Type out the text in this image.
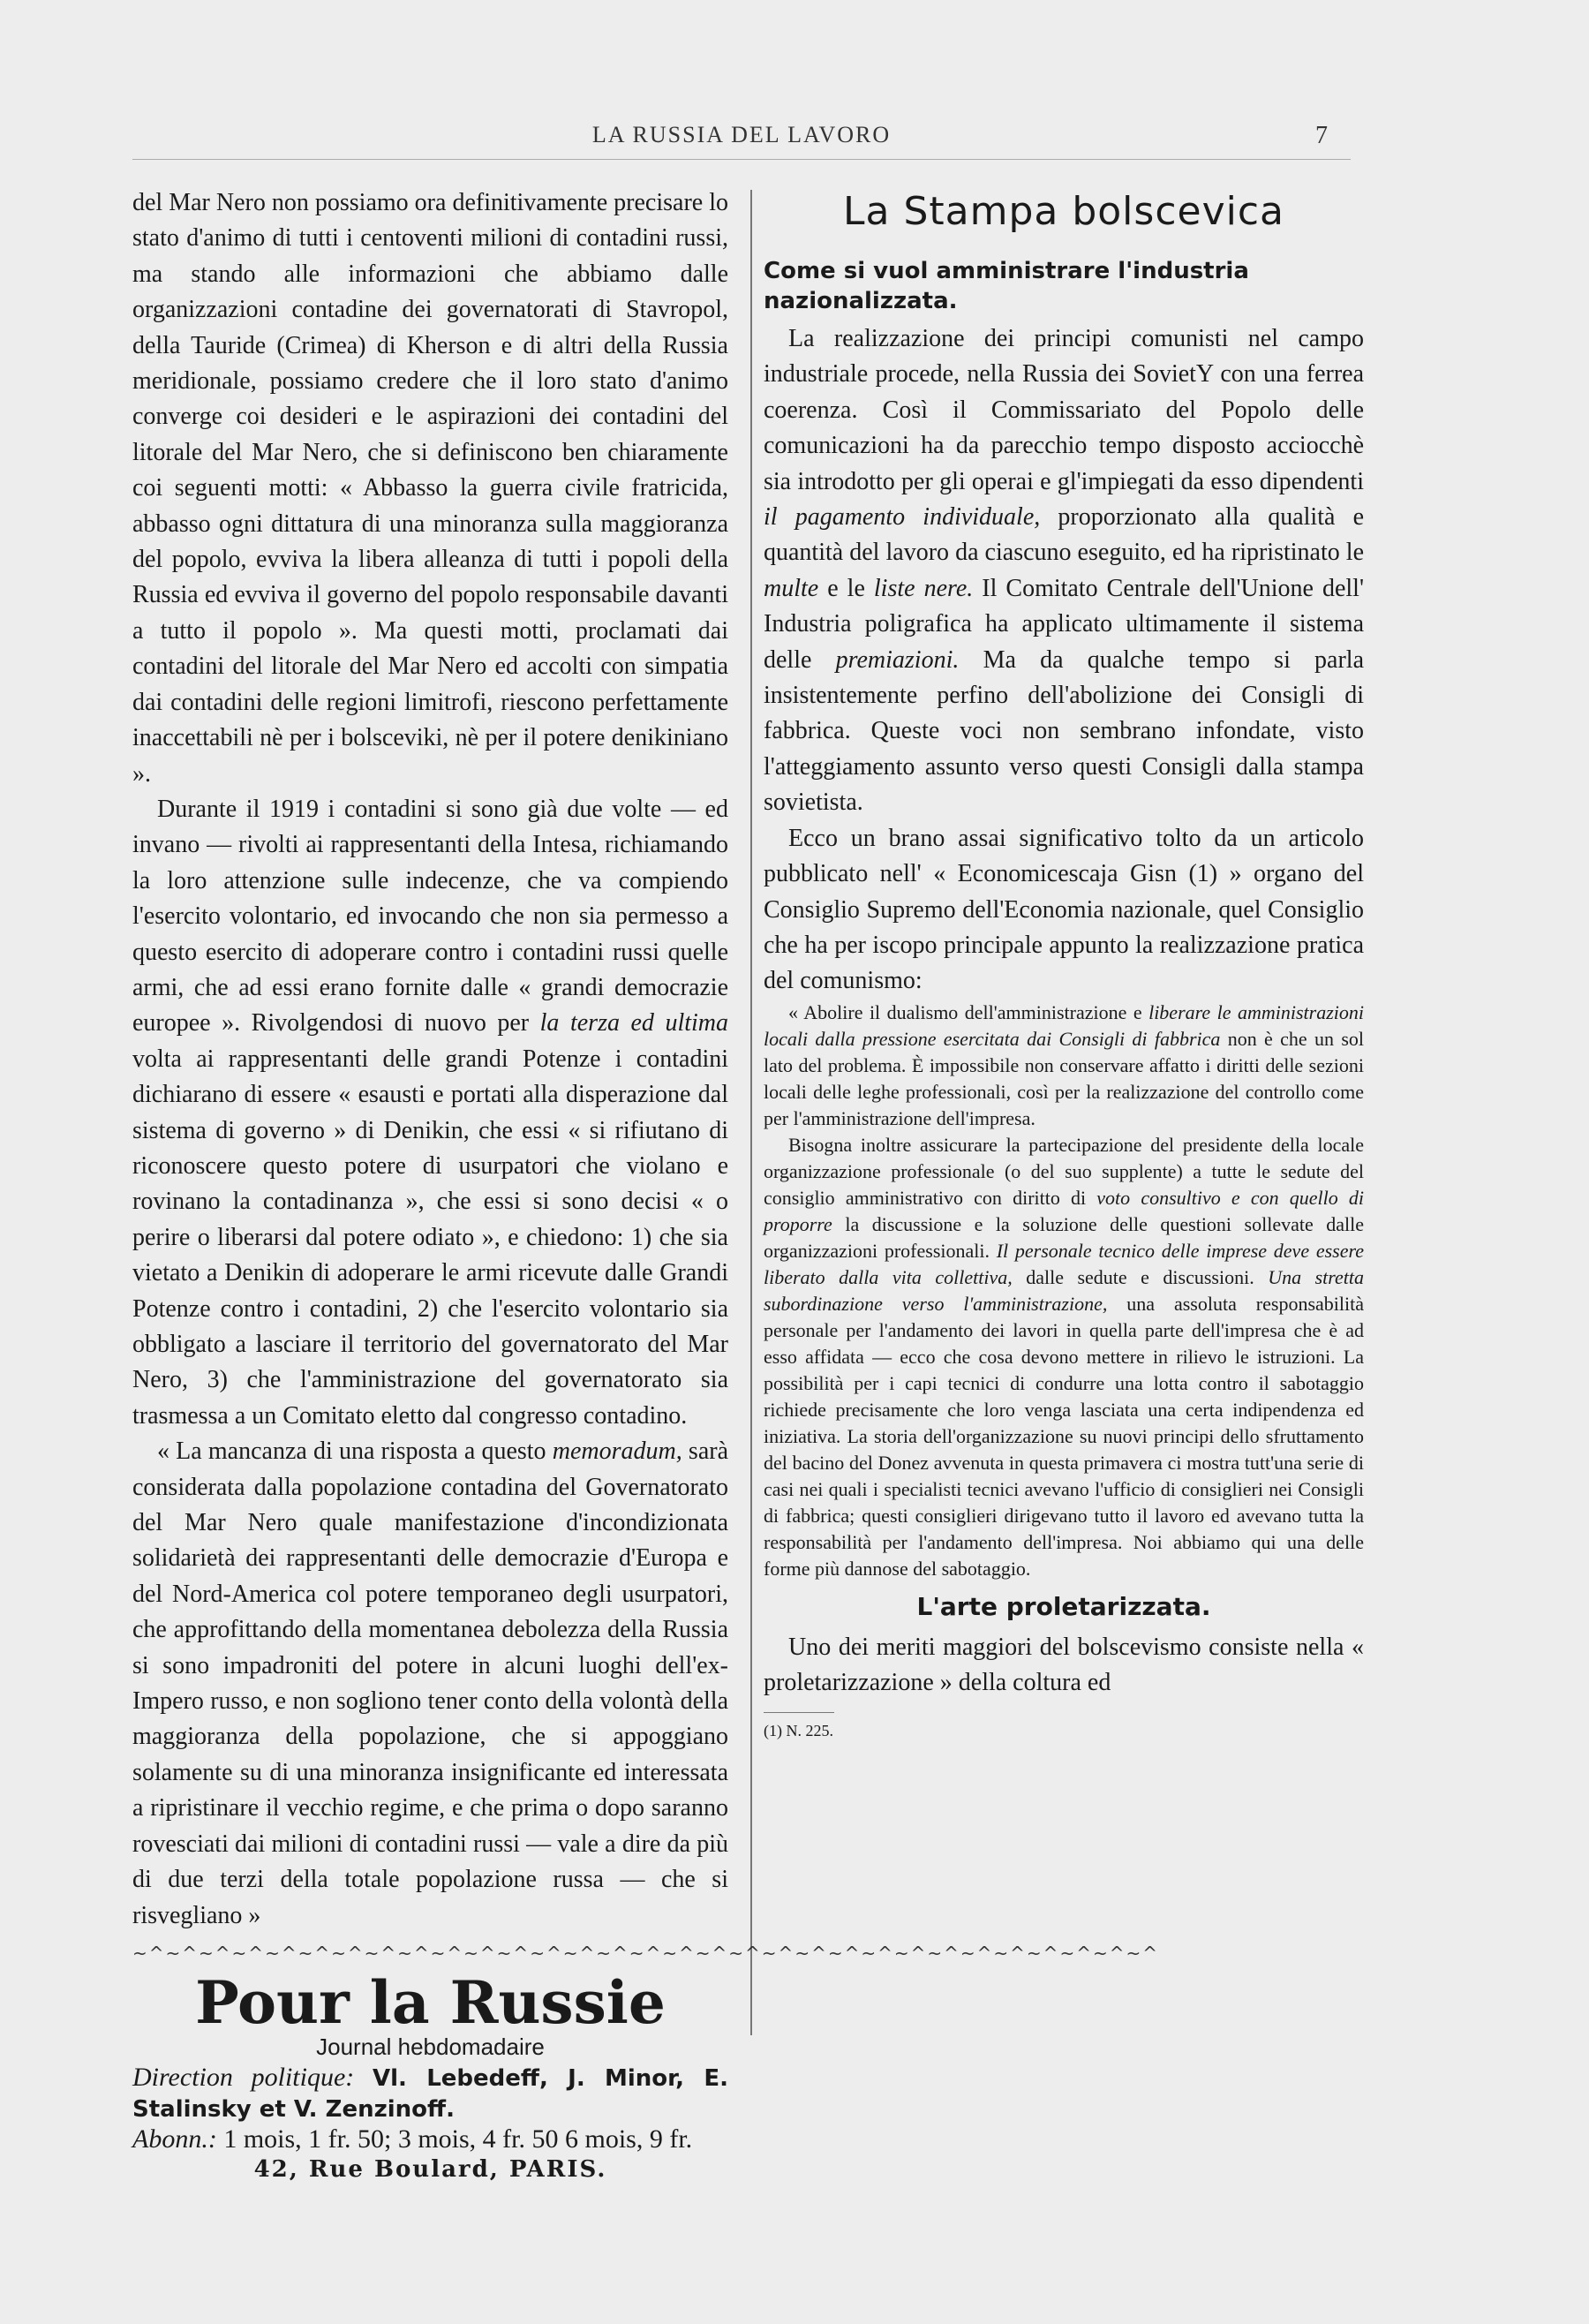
LA RUSSIA DEL LAVORO	7

del Mar Nero non possiamo ora definitivamente precisare lo stato d'animo di tutti i centoventi milioni di contadini russi, ma stando alle informazioni che abbiamo dalle organizzazioni contadine dei governatorati di Stavropol, della Tauride (Crimea) di Kherson e di altri della Russia meridionale, possiamo credere che il loro stato d'animo converge coi desideri e le aspirazioni dei contadini del litorale del Mar Nero, che si definiscono ben chiaramente coi seguenti motti: « Abbasso la guerra civile fratricida, abbasso ogni dittatura di una minoranza sulla maggioranza del popolo, evviva la libera alleanza di tutti i popoli della Russia ed evviva il governo del popolo responsabile davanti a tutto il popolo ». Ma questi motti, proclamati dai contadini del litorale del Mar Nero ed accolti con simpatia dai contadini delle regioni limitrofi, riescono perfettamente inaccettabili nè per i bolsceviki, nè per il potere denikiniano ».

Durante il 1919 i contadini si sono già due volte — ed invano — rivolti ai rappresentanti della Intesa, richiamando la loro attenzione sulle indecenze, che va compiendo l'esercito volontario, ed invocando che non sia permesso a questo esercito di adoperare contro i contadini russi quelle armi, che ad essi erano fornite dalle « grandi democrazie europee ». Rivolgendosi di nuovo per la terza ed ultima volta ai rappresentanti delle grandi Potenze i contadini dichiarano di essere « esausti e portati alla disperazione dal sistema di governo » di Denikin, che essi « si rifiutano di riconoscere questo potere di usurpatori che violano e rovinano la contadinanza », che essi si sono decisi « o perire o liberarsi dal potere odiato », e chiedono: 1) che sia vietato a Denikin di adoperare le armi ricevute dalle Grandi Potenze contro i contadini, 2) che l'esercito volontario sia obbligato a lasciare il territorio del governatorato del Mar Nero, 3) che l'amministrazione del governatorato sia trasmessa a un Comitato eletto dal congresso contadino.

« La mancanza di una risposta a questo memoradum, sarà considerata dalla popolazione contadina del Governatorato del Mar Nero quale manifestazione d'incondizionata solidarietà dei rappresentanti delle democrazie d'Europa e del Nord-America col potere temporaneo degli usurpatori, che approfittando della momentanea debolezza della Russia si sono impadroniti del potere in alcuni luoghi dell'ex-Impero russo, e non sogliono tener conto della volontà della maggioranza della popolazione, che si appoggiano solamente su di una minoranza insignificante ed interessata a ripristinare il vecchio regime, e che prima o dopo saranno rovesciati dai milioni di contadini russi — vale a dire da più di due terzi della totale popolazione russa — che si risvegliano »

~^~^~^~^~^~^~^~^~^~^~^~^~^~^~^~^~^~^~^~^~^~^~^~^~^~^~^~^~^~^~^
Pour la Russie
Journal hebdomadaire
Direction politique: Vl. Lebedeff, J. Minor, E. Stalinsky et V. Zenzinoff.
Abonn.: 1 mois, 1 fr. 50; 3 mois, 4 fr. 50 6 mois, 9 fr.
42, Rue Boulard, PARIS.
La Stampa bolscevica
Come si vuol amministrare l'industria nazionalizzata.

La realizzazione dei principi comunisti nel campo industriale procede, nella Russia dei SovietY con una ferrea coerenza. Così il Commissariato del Popolo delle comunicazioni ha da parecchio tempo disposto acciocchè sia introdotto per gli operai e gl'impiegati da esso dipendenti il pagamento individuale, proporzionato alla qualità e quantità del lavoro da ciascuno eseguito, ed ha ripristinato le multe e le liste nere. Il Comitato Centrale dell'Unione dell' Industria poligrafica ha applicato ultimamente il sistema delle premiazioni. Ma da qualche tempo si parla insistentemente perfino dell'abolizione dei Consigli di fabbrica. Queste voci non sembrano infondate, visto l'atteggiamento assunto verso questi Consigli dalla stampa sovietista.

Ecco un brano assai significativo tolto da un articolo pubblicato nell' « Economicescaja Gisn (1) » organo del Consiglio Supremo dell'Economia nazionale, quel Consiglio che ha per iscopo principale appunto la realizzazione pratica del comunismo:

« Abolire il dualismo dell'amministrazione e liberare le amministrazioni locali dalla pressione esercitata dai Consigli di fabbrica non è che un sol lato del problema. È impossibile non conservare affatto i diritti delle sezioni locali delle leghe professionali, così per la realizzazione del controllo come per l'amministrazione dell'impresa.

Bisogna inoltre assicurare la partecipazione del presidente della locale organizzazione professionale (o del suo supplente) a tutte le sedute del consiglio amministrativo con diritto di voto consultivo e con quello di proporre la discussione e la soluzione delle questioni sollevate dalle organizzazioni professionali. Il personale tecnico delle imprese deve essere liberato dalla vita collettiva, dalle sedute e discussioni. Una stretta subordinazione verso l'amministrazione, una assoluta responsabilità personale per l'andamento dei lavori in quella parte dell'impresa che è ad esso affidata — ecco che cosa devono mettere in rilievo le istruzioni. La possibilità per i capi tecnici di condurre una lotta contro il sabotaggio richiede precisamente che loro venga lasciata una certa indipendenza ed iniziativa. La storia dell'organizzazione su nuovi principi dello sfruttamento del bacino del Donez avvenuta in questa primavera ci mostra tutt'una serie di casi nei quali i specialisti tecnici avevano l'ufficio di consiglieri nei Consigli di fabbrica; questi consiglieri dirigevano tutto il lavoro ed avevano tutta la responsabilità per l'andamento dell'impresa. Noi abbiamo qui una delle forme più dannose del sabotaggio.

L'arte proletarizzata.

Uno dei meriti maggiori del bolscevismo consiste nella « proletarizzazione » della coltura ed

(1) N. 225.
